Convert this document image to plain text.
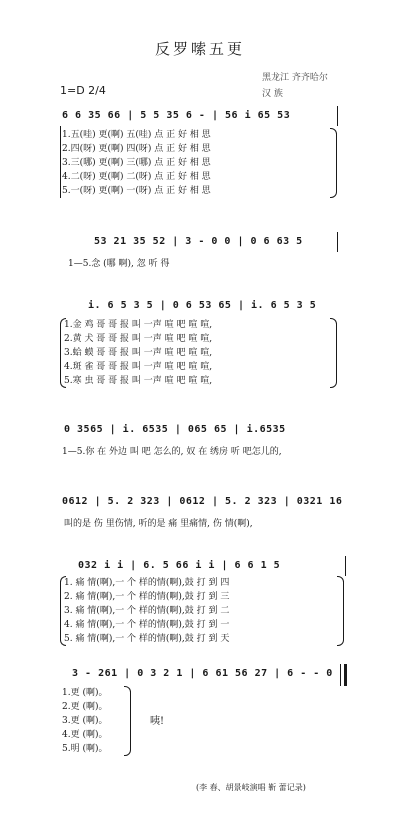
反罗嗦五更
1=D 2/4
黑龙江 齐齐哈尔
汉 族
6 6 35 66 | 5 5 35 6 - | 56 i 65 53
1.五(哇) 更(啊) 五(哇) 点 正 好 相 思
2.四(呀) 更(啊) 四(呀) 点 正 好 相 思
3.三(哪) 更(啊) 三(哪) 点 正 好 相 思
4.二(呀) 更(啊) 二(呀) 点 正 好 相 思
5.一(呀) 更(啊) 一(呀) 点 正 好 相 思
53 21 35 52 | 3 - 0 0 | 0 6 63 5
1—5.念 (哪 啊), 忽 听 得
i. 6 5 3 5 | 0 6 53 65 | i. 6 5 3 5
1.金 鸡 哥 哥 报 叫 一声 喧 吧 喧 喧,
2.黄 犬 哥 哥 报 叫 一声 喧 吧 喧 喧,
3.蛤 蟆 哥 哥 报 叫 一声 喧 吧 喧 喧,
4.斑 雀 哥 哥 报 叫 一声 喧 吧 喧 喧,
5.寒 虫 哥 哥 报 叫 一声 喧 吧 喧 喧,
0 3565 | i. 6535 | 065 65 | i.6535
1—5.你 在 外边 叫 吧 怎么的, 奴 在 绣房 听 吧怎儿的,
0612 | 5. 2 323 | 0612 | 5. 2 323 | 0321 16
叫的是 伤 里伤情, 听的是 痛 里痛情, 伤 情(啊),
032 i i | 6. 5 66 i i | 6 6 1 5
1. 痛 情(啊),一 个 样的情(啊),鼓 打 到 四
2. 痛 情(啊),一 个 样的情(啊),鼓 打 到 三
3. 痛 情(啊),一 个 样的情(啊),鼓 打 到 二
4. 痛 情(啊),一 个 样的情(啊),鼓 打 到 一
5. 痛 情(啊),一 个 样的情(啊),鼓 打 到 天
3 - 261 | 0 3 2 1 | 6 61 56 27 | 6 - - 0
1.更 (啊)。
2.更 (啊)。
3.更 (啊)。
4.更 (啊)。
5.明 (啊)。
咦!
(李 春、胡景岐演唱 靳 蕾记录)
